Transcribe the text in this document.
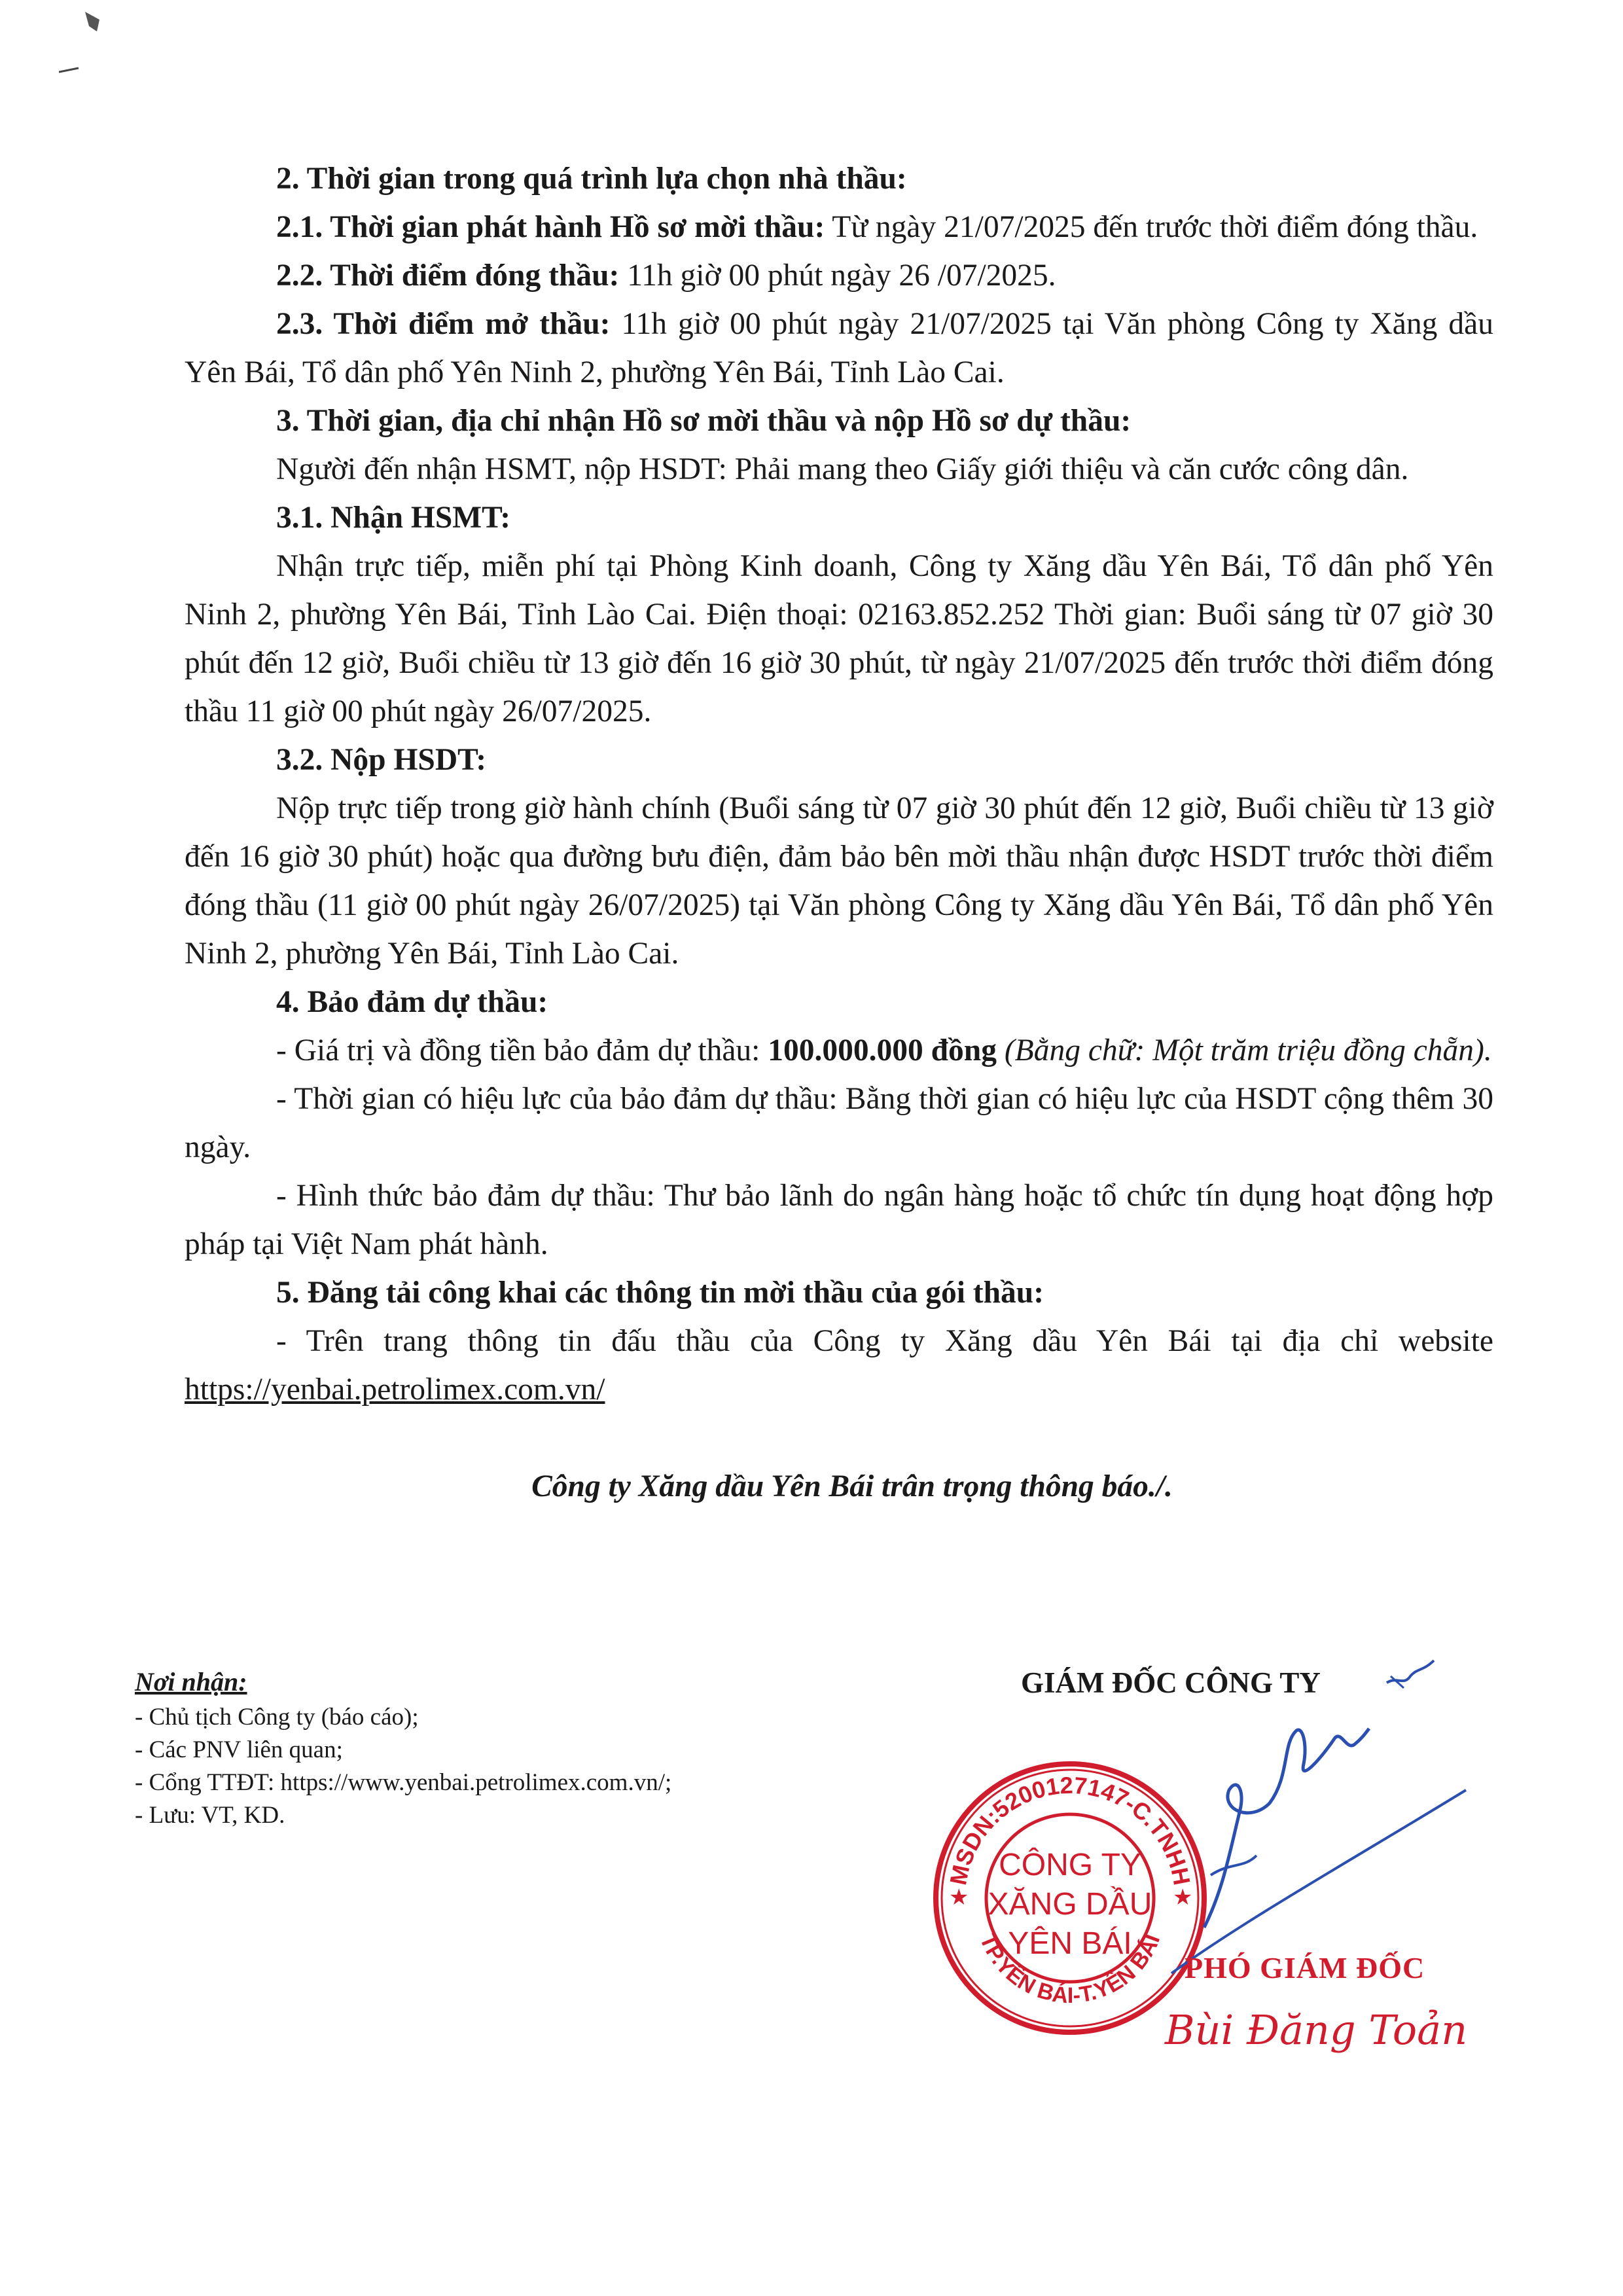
2. Thời gian trong quá trình lựa chọn nhà thầu:

2.1. Thời gian phát hành Hồ sơ mời thầu: Từ ngày 21/07/2025 đến trước thời điểm đóng thầu.

2.2. Thời điểm đóng thầu: 11h giờ 00 phút ngày 26 /07/2025.

2.3. Thời điểm mở thầu: 11h giờ 00 phút ngày 21/07/2025 tại Văn phòng Công ty Xăng dầu Yên Bái, Tổ dân phố Yên Ninh 2, phường Yên Bái, Tỉnh Lào Cai.

3. Thời gian, địa chỉ nhận Hồ sơ mời thầu và nộp Hồ sơ dự thầu:

Người đến nhận HSMT, nộp HSDT: Phải mang theo Giấy giới thiệu và căn cước công dân.

3.1. Nhận HSMT:

Nhận trực tiếp, miễn phí tại Phòng Kinh doanh, Công ty Xăng dầu Yên Bái, Tổ dân phố Yên Ninh 2, phường Yên Bái, Tỉnh Lào Cai. Điện thoại: 02163.852.252 Thời gian: Buổi sáng từ 07 giờ 30 phút đến 12 giờ, Buổi chiều từ 13 giờ đến 16 giờ 30 phút, từ ngày 21/07/2025 đến trước thời điểm đóng thầu 11 giờ 00 phút ngày 26/07/2025.

3.2. Nộp HSDT:

Nộp trực tiếp trong giờ hành chính (Buổi sáng từ 07 giờ 30 phút đến 12 giờ, Buổi chiều từ 13 giờ đến 16 giờ 30 phút) hoặc qua đường bưu điện, đảm bảo bên mời thầu nhận được HSDT trước thời điểm đóng thầu (11 giờ 00 phút ngày 26/07/2025) tại Văn phòng Công ty Xăng dầu Yên Bái, Tổ dân phố Yên Ninh 2, phường Yên Bái, Tỉnh Lào Cai.

4. Bảo đảm dự thầu:

- Giá trị và đồng tiền bảo đảm dự thầu: 100.000.000 đồng (Bằng chữ: Một trăm triệu đồng chẵn).

- Thời gian có hiệu lực của bảo đảm dự thầu: Bằng thời gian có hiệu lực của HSDT cộng thêm 30 ngày.

- Hình thức bảo đảm dự thầu: Thư bảo lãnh do ngân hàng hoặc tổ chức tín dụng hoạt động hợp pháp tại Việt Nam phát hành.

5. Đăng tải công khai các thông tin mời thầu của gói thầu:

- Trên trang thông tin đấu thầu của Công ty Xăng dầu Yên Bái tại địa chỉ website https://yenbai.petrolimex.com.vn/

Công ty Xăng dầu Yên Bái trân trọng thông báo./.

Nơi nhận:

- Chủ tịch Công ty (báo cáo);

- Các PNV liên quan;

- Cổng TTĐT: https://www.yenbai.petrolimex.com.vn/;

- Lưu: VT, KD.

GIÁM ĐỐC CÔNG TY
MSDN:5200127147-C.TNHH
TP.YÊN BÁI-T.YÊN BÁI
★	★
CÔNG TY
XĂNG DẦU
YÊN BÁI
PHÓ GIÁM ĐỐC
Bùi Đăng Toản
